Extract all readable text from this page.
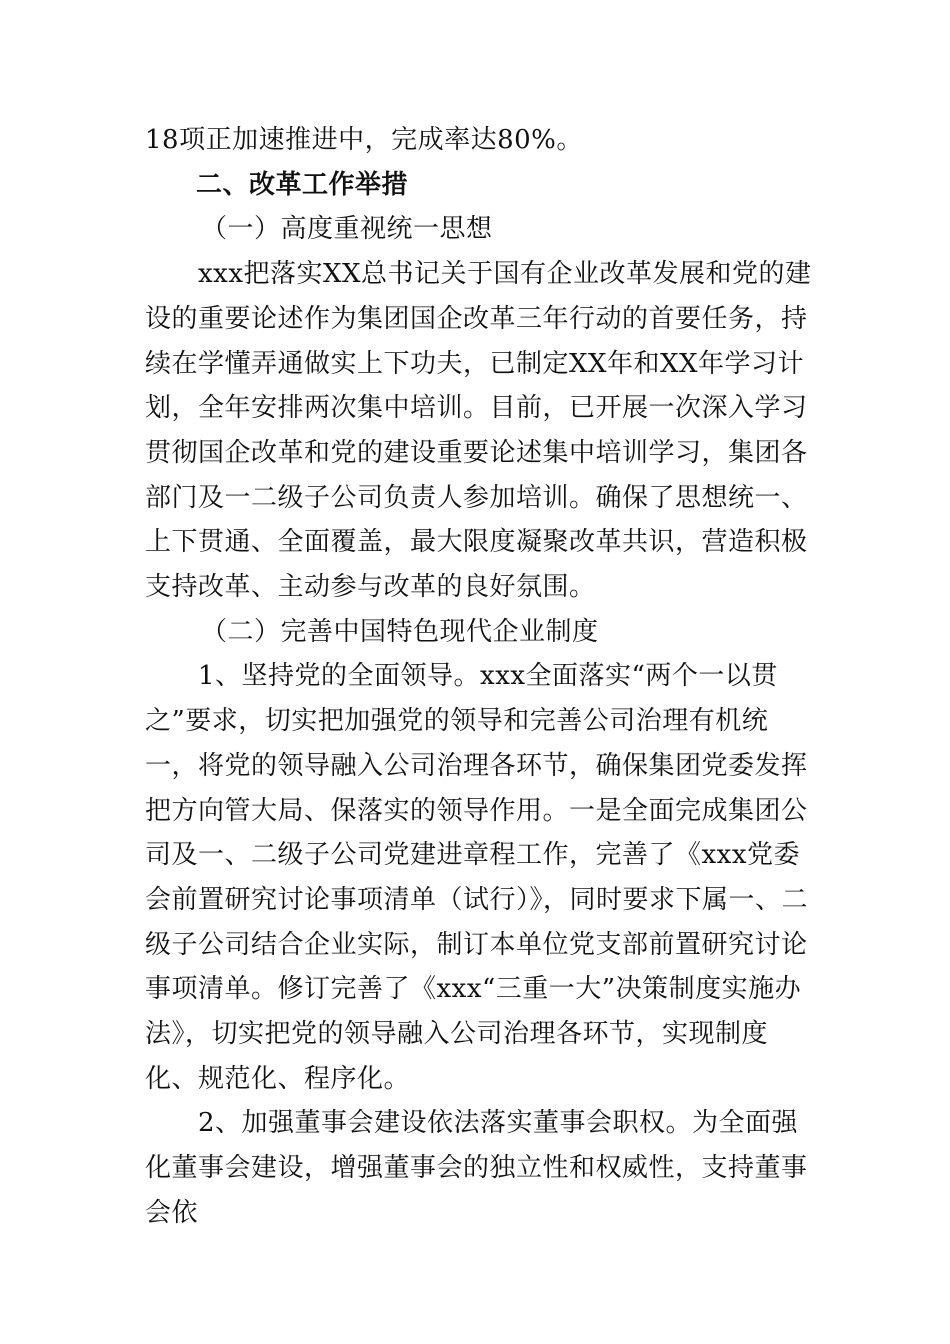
18项正加速推进中，完成率达80%。

二、改革工作举措

（一）高度重视统一思想

xxx把落实XX总书记关于国有企业改革发展和党的建设的重要论述作为集团国企改革三年行动的首要任务，持续在学懂弄通做实上下功夫，已制定XX年和XX年学习计划，全年安排两次集中培训。目前，已开展一次深入学习贯彻国企改革和党的建设重要论述集中培训学习，集团各部门及一二级子公司负责人参加培训。确保了思想统一、上下贯通、全面覆盖，最大限度凝聚改革共识，营造积极支持改革、主动参与改革的良好氛围。

（二）完善中国特色现代企业制度

1、坚持党的全面领导。xxx全面落实“两个一以贯之”要求，切实把加强党的领导和完善公司治理有机统一，将党的领导融入公司治理各环节，确保集团党委发挥把方向管大局、保落实的领导作用。一是全面完成集团公司及一、二级子公司党建进章程工作，完善了《xxx党委会前置研究讨论事项清单（试行）》，同时要求下属一、二级子公司结合企业实际，制订本单位党支部前置研究讨论事项清单。修订完善了《xxx“三重一大”决策制度实施办法》，切实把党的领导融入公司治理各环节，实现制度化、规范化、程序化。

2、加强董事会建设依法落实董事会职权。为全面强化董事会建设，增强董事会的独立性和权威性，支持董事会依
